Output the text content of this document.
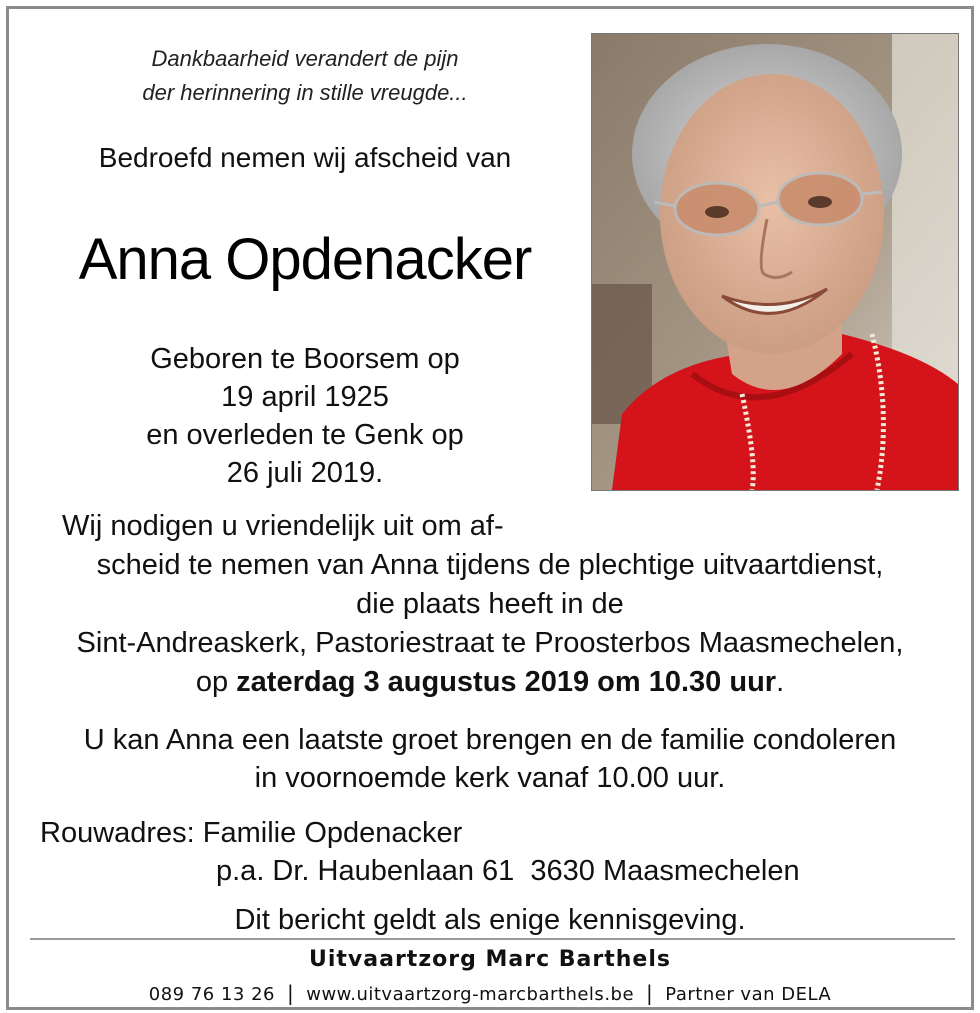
Dankbaarheid verandert de pijn
der herinnering in stille vreugde...
Bedroefd nemen wij afscheid van
Anna Opdenacker
Geboren te Boorsem op
19 april 1925
en overleden te Genk op
26 juli 2019.
Wij nodigen u vriendelijk uit om af-
scheid te nemen van Anna tijdens de plechtige uitvaartdienst,
die plaats heeft in de
Sint-Andreaskerk, Pastoriestraat te Proosterbos Maasmechelen,
op zaterdag 3 augustus 2019 om 10.30 uur.
U kan Anna een laatste groet brengen en de familie condoleren
in voornoemde kerk vanaf 10.00 uur.
Rouwadres: Familie Opdenacker
p.a. Dr. Haubenlaan 61  3630 Maasmechelen
Dit bericht geldt als enige kennisgeving.
Uitvaartzorg Marc Barthels
089 76 13 26 | www.uitvaartzorg-marcbarthels.be | Partner van DELA
